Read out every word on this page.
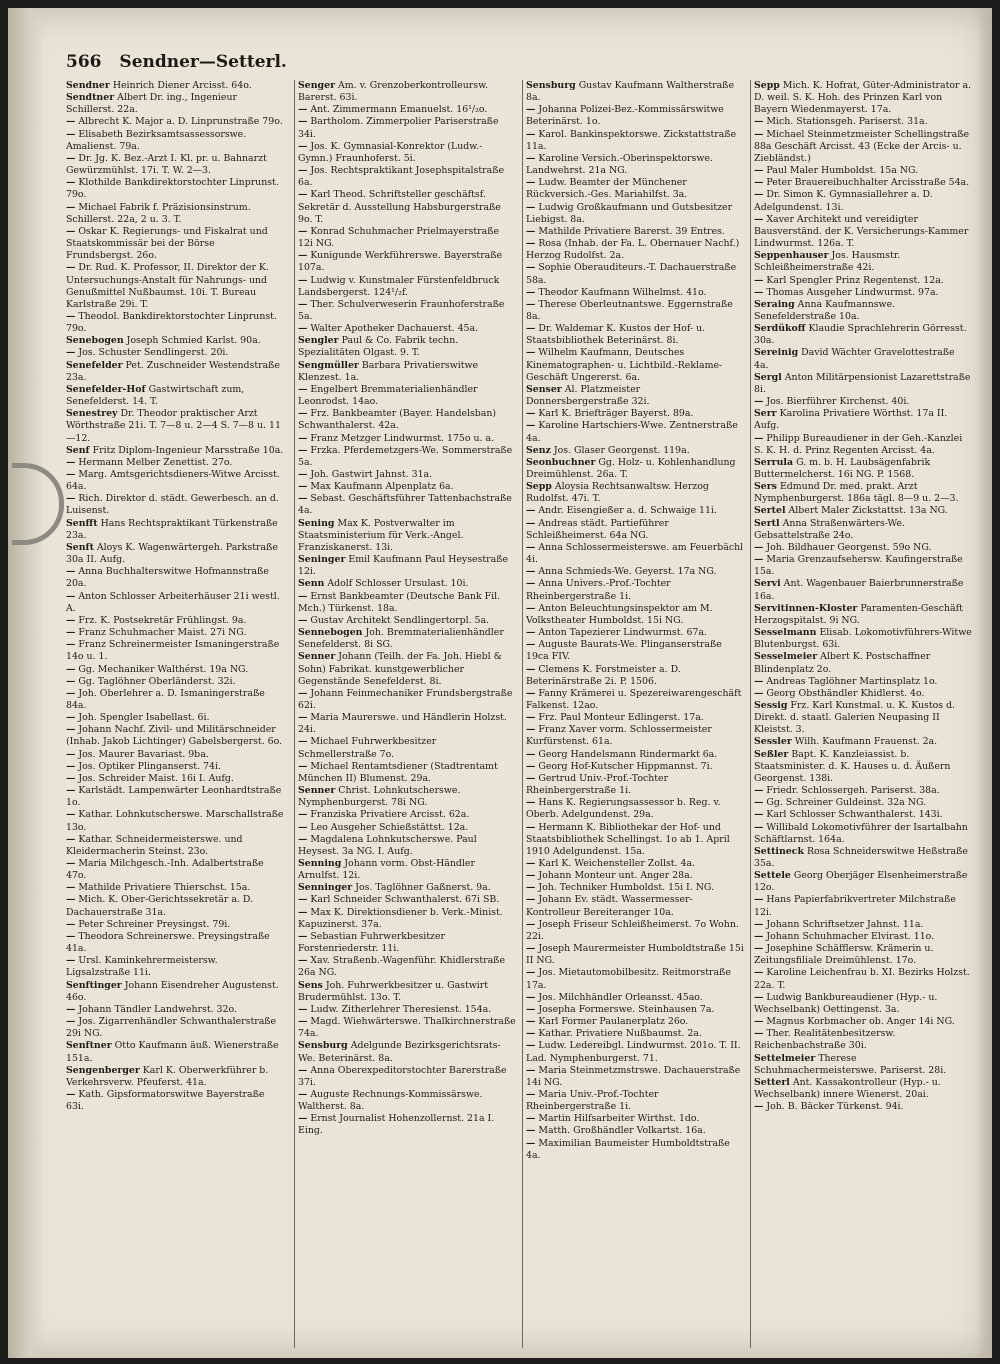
566 Sendner—Setterl.
Sendner Heinrich Diener Arcisst. 64o.
Sendtner Albert Dr. ing., Ingenieur Schillerst. 22a.
— Albrecht K. Major a. D. Linprunstraße 79o.
— Elisabeth Bezirksamtsassessorswe. Amalienst. 79a.
— Dr. Jg. K. Bez.-Arzt I. Kl. pr. u. Bahnarzt Gewürzmühlst. 17i. T. W. 2—3.
— Klothilde Bankdirektorstochter Linprunst. 79o.
— Michael Fabrik f. Präzisionsinstrum. Schillerst. 22a, 2 u. 3. T.
— Oskar K. Regierungs- und Fiskalrat und Staatskommissär bei der Börse Frundsbergst. 26o.
— Dr. Rud. K. Professor, II. Direktor der K. Untersuchungs-Anstalt für Nahrungs- und Genußmittel Nußbaumst. 10i. T. Bureau Karlstraße 29i. T.
— Theodol. Bankdirektorstochter Linprunst. 79o.
Senebogen Joseph Schmied Karlst. 90a.
— Jos. Schuster Sendlingerst. 20i.
Senefelder Pet. Zuschneider Westendstraße 23a.
Senefelder-Hof Gastwirtschaft zum, Senefelderst. 14. T.
Senestrey Dr. Theodor praktischer Arzt Wörthstraße 21i. T. 7—8 u. 2—4 S. 7—8 u. 11—12.
Senf Fritz Diplom-Ingenieur Marsstraße 10a.
— Hermann Melber Zenettist. 27o.
— Marg. Amtsgerichtsdieners-Witwe Arcisst. 64a.
— Rich. Direktor d. städt. Gewerbesch. an d. Luisenst.
Senfft Hans Rechtspraktikant Türkenstraße 23a.
Senft Aloys K. Wagenwärtergeh. Parkstraße 30a II. Aufg.
— Anna Buchhalterswitwe Hofmannstraße 20a.
— Anton Schlosser Arbeiterhäuser 21i westl. A.
— Frz. K. Postsekretär Frühlingst. 9a.
— Franz Schuhmacher Maist. 27i NG.
— Franz Schreinermeister Ismaningerstraße 14o u. 1.
— Gg. Mechaniker Walthérst. 19a NG.
— Gg. Taglöhner Oberländerst. 32i.
— Joh. Oberlehrer a. D. Ismaningerstraße 84a.
— Joh. Spengler Isabellast. 6i.
— Johann Nachf. Zivil- und Militärschneider (Inhab. Jakob Lichtinger) Gabelsbergerst. 6o.
— Jos. Maurer Bavariast. 9ba.
— Jos. Optiker Plinganserst. 74i.
— Jos. Schreider Maist. 16i I. Aufg.
— Karlstädt. Lampenwärter Leonhardtstraße 1o.
— Kathar. Lohnkutscherswe. Marschallstraße 13o.
— Kathar. Schneidermeisterswe. und Kleidermacherin Steinst. 23o.
— Maria Milchgesch.-Inh. Adalbertstraße 47o.
— Mathilde Privatiere Thierschst. 15a.
— Mich. K. Ober-Gerichtssekretär a. D. Dachauerstraße 31a.
— Peter Schreiner Preysingst. 79i.
— Theodora Schreinerswe. Preysingstraße 41a.
— Ursl. Kaminkehrermeistersw. Ligsalzstraße 11i.
Senftinger Johann Eisendreher Augustenst. 46o.
— Johann Tändler Landwehrst. 32o.
— Jos. Zigarrenhändler Schwanthalerstraße 29i NG.
Senftner Otto Kaufmann äuß. Wienerstraße 151a.
Sengenberger Karl K. Oberwerkführer b. Verkehrsverw. Pfeuferst. 41a.
— Kath. Gipsformatorswitwe Bayerstraße 63i.
Senger Am. v. Grenzoberkontrolleursw. Barerst. 63i.
— Ant. Zimmermann Emanuelst. 16¹/₂o.
— Bartholom. Zimmerpolier Pariserstraße 34i.
— Jos. K. Gymnasial-Konrektor (Ludw.-Gymn.) Fraunhoferst. 5i.
— Jos. Rechtspraktikant Josephspitalstraße 6a.
— Karl Theod. Schriftsteller geschäftsf. Sekretär d. Ausstellung Habsburgerstraße 9o. T.
— Konrad Schuhmacher Prielmayerstraße 12i NG.
— Kunigunde Werkführerswe. Bayerstraße 107a.
— Ludwig v. Kunstmaler Fürstenfeldbruck Landsbergerst. 124¹/₂f.
— Ther. Schulverweserin Fraunhoferstraße 5a.
— Walter Apotheker Dachauerst. 45a.
Sengler Paul & Co. Fabrik techn. Spezialitäten Olgast. 9. T.
Sengmüller Barbara Privatierswitwe Klenzest. 1a.
— Engelbert Bremmaterialienhändler Leonrodst. 14ao.
— Frz. Bankbeamter (Bayer. Handelsban) Schwanthalerst. 42a.
— Franz Metzger Lindwurmst. 175o u. a.
— Frzka. Pferdemetzgers-We. Sommerstraße 5a.
— Joh. Gastwirt Jahnst. 31a.
— Max Kaufmann Alpenplatz 6a.
— Sebast. Geschäftsführer Tattenbachstraße 4a.
Sening Max K. Postverwalter im Staatsministerium für Verk.-Angel. Franziskanerst. 13i.
Seninger Emil Kaufmann Paul Heysestraße 12i.
Senn Adolf Schlosser Ursulast. 10i.
— Ernst Bankbeamter (Deutsche Bank Fil. Mch.) Türkenst. 18a.
— Gustav Architekt Sendlingertorpl. 5a.
Sennebogen Joh. Bremmaterialienhändler Senefelderst. 8i SG.
Senner Johann (Teilh. der Fa. Joh. Hiebl & Sohn) Fabrikat. kunstgewerblicher Gegenstände Senefelderst. 8i.
— Johann Feinmechaniker Frundsbergstraße 62i.
— Maria Maurerswe. und Händlerin Holzst. 24i.
— Michael Fuhrwerkbesitzer Schmellerstraße 7o.
— Michael Rentamtsdiener (Stadtrentamt München II) Blumenst. 29a.
Senner Christ. Lohnkutscherswe. Nymphenburgerst. 78i NG.
— Franziska Privatiere Arcisst. 62a.
— Leo Ausgeher Schießstättst. 12a.
— Magdalena Lohnkutscherswe. Paul Heysest. 3a NG. I. Aufg.
Senning Johann vorm. Obst-Händler Arnulfst. 12i.
Senninger Jos. Taglöhner Gaßnerst. 9a.
— Karl Schneider Schwanthalerst. 67i SB.
— Max K. Direktionsdiener b. Verk.-Minist. Kapuzinerst. 37a.
— Sebastian Fuhrwerkbesitzer Forstenriederstr. 11i.
— Xav. Straßenb.-Wagenführ. Khidlerstraße 26a NG.
Sens Joh. Fuhrwerkbesitzer u. Gastwirt Brudermühlst. 13o. T.
— Ludw. Zitherlehrer Theresienst. 154a.
— Magd. Wiehwärterswe. Thalkirchnerstraße 74a.
Sensburg Adelgunde Bezirksgerichtsrats-We. Beterinärst. 8a.
— Anna Oberexpeditorstochter Barerstraße 37i.
— Auguste Rechnungs-Kommissärswe. Waltherst. 8a.
— Ernst Journalist Hohenzollernst. 21a I. Eing.
Sensburg Gustav Kaufmann Waltherstraße 8a.
— Johanna Polizei-Bez.-Kommissärswitwe Beterinärst. 1o.
— Karol. Bankinspektorswe. Zickstattstraße 11a.
— Karoline Versich.-Oberinspektorswe. Landwehrst. 21a NG.
— Ludw. Beamter der Münchener Rückversich.-Ges. Mariahilfst. 3a.
— Ludwig Großkaufmann und Gutsbesitzer Liebigst. 8a.
— Mathilde Privatiere Barerst. 39 Entres.
— Rosa (Inhab. der Fa. L. Obernauer Nachf.) Herzog Rudolfst. 2a.
— Sophie Oberauditeurs.-T. Dachauerstraße 58a.
— Theodor Kaufmann Wilhelmst. 41o.
— Therese Oberleutnantswe. Eggernstraße 8a.
— Dr. Waldemar K. Kustos der Hof- u. Staatsbibliothek Beterinärst. 8i.
— Wilhelm Kaufmann, Deutsches Kinematographen- u. Lichtbild.-Reklame-Geschäft Ungererst. 6a.
Senser Al. Platzmeister Donnersbergerstraße 32i.
— Karl K. Briefträger Bayerst. 89a.
— Karoline Hartschiers-Wwe. Zentnerstraße 4a.
Senz Jos. Glaser Georgenst. 119a.
Seonbuchner Gg. Holz- u. Kohlenhandlung Dreimühlenst. 26a. T.
Sepp Aloysia Rechtsanwaltsw. Herzog Rudolfst. 47i. T.
— Andr. Eisengießer a. d. Schwaige 11i.
— Andreas städt. Partieführer Schleißheimerst. 64a NG.
— Anna Schlossermeisterswe. am Feuerbächl 4i.
— Anna Schmieds-We. Geyerst. 17a NG.
— Anna Univers.-Prof.-Tochter Rheinbergerstraße 1i.
— Anton Beleuchtungsinspektor am M. Volkstheater Humboldst. 15i NG.
— Anton Tapezierer Lindwurmst. 67a.
— Auguste Baurats-We. Plinganserstraße 19ca FIV.
— Clemens K. Forstmeister a. D. Beterinärstraße 2i. P. 1506.
— Fanny Krämerei u. Spezereiwarengeschäft Falkenst. 12ao.
— Frz. Paul Monteur Edlingerst. 17a.
— Franz Xaver vorm. Schlossermeister Kurfürstenst. 61a.
— Georg Handelsmann Rindermarkt 6a.
— Georg Hof-Kutscher Hippmannst. 7i.
— Gertrud Univ.-Prof.-Tochter Rheinbergerstraße 1i.
— Hans K. Regierungsassessor b. Reg. v. Oberb. Adelgundenst. 29a.
— Hermann K. Bibliothekar der Hof- und Staatsbibliothek Schellingst. 1o ab 1. April 1910 Adelgundenst. 15a.
— Karl K. Weichensteller Zollst. 4a.
— Johann Monteur unt. Anger 28a.
— Joh. Techniker Humboldst. 15i I. NG.
— Johann Ev. städt. Wassermesser-Kontrolleur Bereiteranger 10a.
— Joseph Friseur Schleißheimerst. 7o Wohn. 22i.
— Joseph Maurermeister Humboldtstraße 15i II NG.
— Jos. Mietautomobilbesitz. Reitmorstraße 17a.
— Jos. Milchhändler Orleansst. 45ao.
— Josepha Formerswe. Steinhausen 7a.
— Karl Former Paulanerplatz 26o.
— Kathar. Privatiere Nußbaumst. 2a.
— Ludw. Ledereibgl. Lindwurmst. 201o. T. II. Lad. Nymphenburgerst. 71.
— Maria Steinmetzmstrswe. Dachauerstraße 14i NG.
— Maria Univ.-Prof.-Tochter Rheinbergerstraße 1i.
— Martin Hilfsarbeiter Wirthst. 1do.
— Matth. Großhändler Volkartst. 16a.
— Maximilian Baumeister Humboldtstraße 4a.
Sepp Mich. K. Hofrat, Güter-Administrator a. D. weil. S. K. Hoh. des Prinzen Karl von Bayern Wiedenmayerst. 17a.
— Mich. Stationsgeh. Pariserst. 31a.
— Michael Steinmetzmeister Schellingstraße 88a Geschäft Arcisst. 43 (Ecke der Arcis- u. Ziebländst.)
— Paul Maler Humboldst. 15a NG.
— Peter Brauereibuchhalter Arcisstraße 54a.
— Dr. Simon K. Gymnasiallehrer a. D. Adelgundenst. 13i.
— Xaver Architekt und vereidigter Bausverständ. der K. Versicherungs-Kammer Lindwurmst. 126a. T.
Seppenhauser Jos. Hausmstr. Schleißheimerstraße 42i.
— Karl Spengler Prinz Regentenst. 12a.
— Thomas Ausgeher Lindwurmst. 97a.
Seraing Anna Kaufmannswe. Senefelderstraße 10a.
Serdükoff Klaudie Sprachlehrerin Görresst. 30a.
Sereinig David Wächter Gravelottestraße 4a.
Sergl Anton Militärpensionist Lazarettstraße 8i.
— Jos. Bierführer Kirchenst. 40i.
Serr Karolina Privatiere Wörthst. 17a II. Aufg.
— Philipp Bureaudiener in der Geh.-Kanzlei S. K. H. d. Prinz Regenten Arcisst. 4a.
Serrula G. m. b. H. Laubsägenfabrik Buttermelcherst. 16i NG. P. 1568.
Sers Edmund Dr. med. prakt. Arzt Nymphenburgerst. 186a tägl. 8—9 u. 2—3.
Sertel Albert Maler Zickstattst. 13a NG.
Sertl Anna Straßenwärters-We. Gebsattelstraße 24o.
— Joh. Bildhauer Georgenst. 59o NG.
— Maria Grenzaufsehersw. Kaufingerstraße 15a.
Servi Ant. Wagenbauer Baierbrunnerstraße 16a.
Servitinnen-Kloster Paramenten-Geschäft Herzogspitalst. 9i NG.
Sesselmann Elisab. Lokomotivführers-Witwe Blutenburgst. 63i.
Sesselmeier Albert K. Postschaffner Blindenplatz 2o.
— Andreas Taglöhner Martinsplatz 1o.
— Georg Obsthändler Khidlerst. 4o.
Sessig Frz. Karl Kunstmal. u. K. Kustos d. Direkt. d. staatl. Galerien Neupasing II Kleistst. 3.
Sessler Wilh. Kaufmann Frauenst. 2a.
Seßler Bapt. K. Kanzleiassist. b. Staatsminister. d. K. Hauses u. d. Äußern Georgenst. 138i.
— Friedr. Schlossergeh. Pariserst. 38a.
— Gg. Schreiner Guldeinst. 32a NG.
— Karl Schlosser Schwanthalerst. 143i.
— Willibald Lokomotivführer der Isartalbahn Schäftlarnst. 164a.
Settineck Rosa Schneiderswitwe Heßstraße 35a.
Settele Georg Oberjäger Elsenheimerstraße 12o.
— Hans Papierfabrikvertreter Milchstraße 12i.
— Johann Schriftsetzer Jahnst. 11a.
— Johann Schuhmacher Elvirast. 11o.
— Josephine Schäfflersw. Krämerin u. Zeitungsfiliale Dreimühlenst. 17o.
— Karoline Leichenfrau b. XI. Bezirks Holzst. 22a. T.
— Ludwig Bankbureaudiener (Hyp.- u. Wechselbank) Oettingenst. 3a.
— Magnus Korbmacher ob. Anger 14i NG.
— Ther. Realitätenbesitzersw. Reichenbachstraße 30i.
Settelmeier Therese Schuhmachermeisterswe. Pariserst. 28i.
Setterl Ant. Kassakontrolleur (Hyp.- u. Wechselbank) innere Wienerst. 20ai.
— Joh. B. Bäcker Türkenst. 94i.
